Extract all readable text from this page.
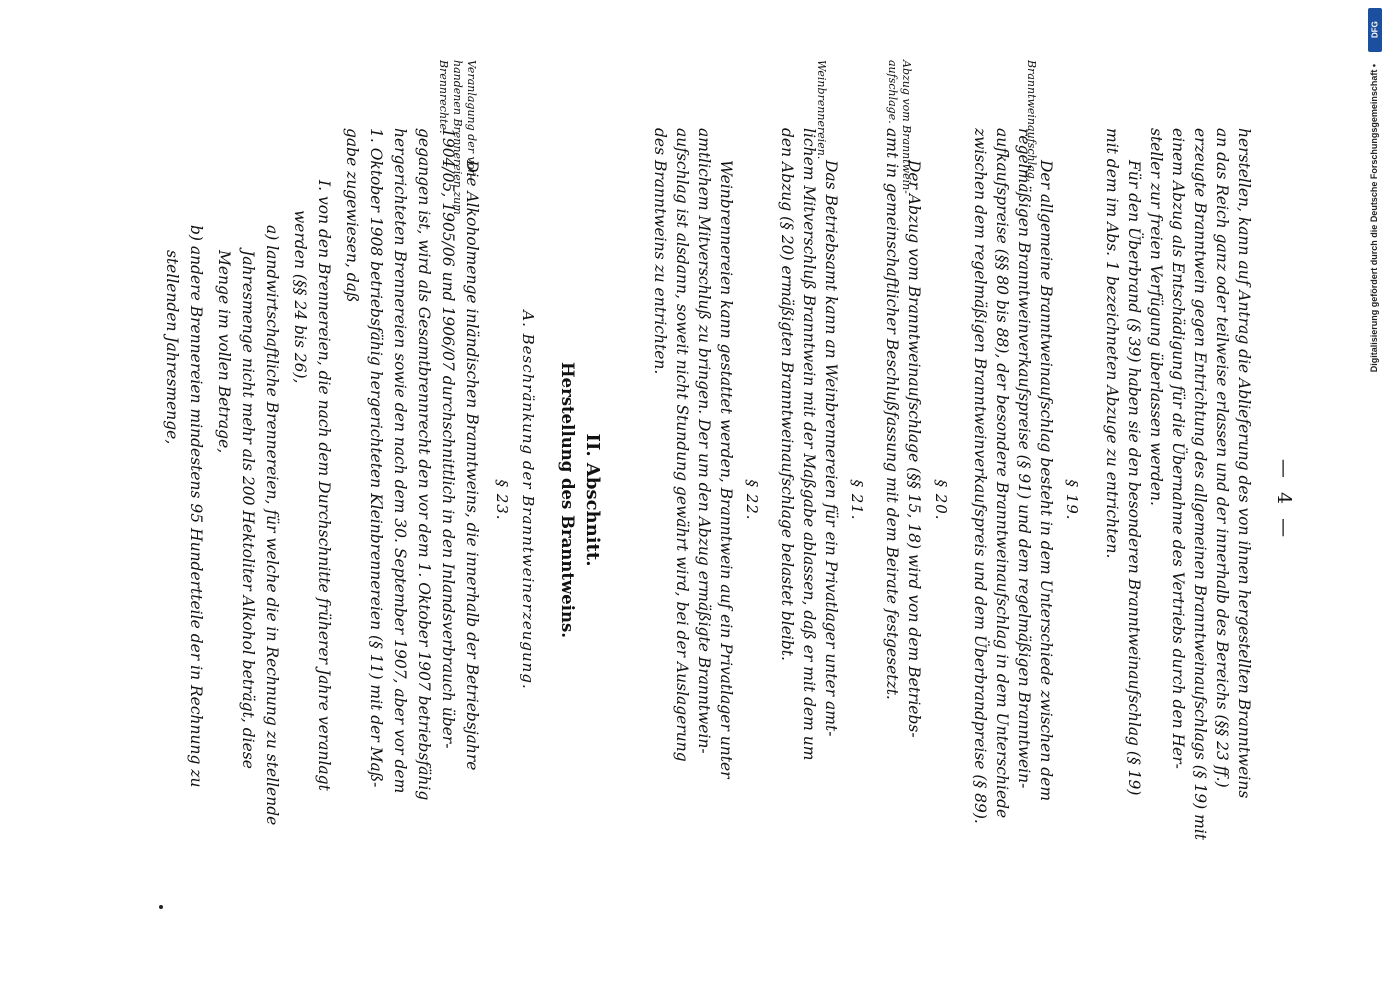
— 4 —
herstellen, kann auf Antrag die Ablieferung des von ihnen hergestellten Branntweins
an das Reich ganz oder teilweise erlassen und der innerhalb des Bereichs (§§ 23 ff.)
erzeugte Branntwein gegen Entrichtung des allgemeinen Branntweinaufschlags (§ 19) mit
einem Abzug als Entschädigung für die Übernahme des Vertriebs durch den Her-
steller zur freien Verfügung überlassen werden.
Für den Überbrand (§ 39) haben sie den besonderen Branntweinaufschlag (§ 19)
mit dem im Abs. 1 bezeichneten Abzuge zu entrichten.
§ 19.
Branntweinaufschlag.
Der allgemeine Branntweinaufschlag besteht in dem Unterschiede zwischen dem
regelmäßigen Branntweinverkaufspreise (§ 91) und dem regelmäßigen Branntwein-
aufkaufspreise (§§ 80 bis 88), der besondere Branntweinaufschlag in dem Unterschiede
zwischen dem regelmäßigen Branntweinverkaufspreis und dem Überbrandpreise (§ 89).
§ 20.
Abzug vom Branntwein-
aufschlage.
Der Abzug vom Branntweinaufschlage (§§ 15, 18) wird von dem Betriebs-
amt in gemeinschaftlicher Beschlußfassung mit dem Beirate festgesetzt.
§ 21.
Weinbrennereien.
Das Betriebsamt kann an Weinbrennereien für ein Privatlager unter amt-
lichem Mitverschluß Branntwein mit der Maßgabe ablassen, daß er mit dem um
den Abzug (§ 20) ermäßigten Branntweinaufschlage belastet bleibt.
§ 22.
Weinbrennereien kann gestattet werden, Branntwein auf ein Privatlager unter
amtlichem Mitverschluß zu bringen. Der um den Abzug ermäßigte Branntwein-
aufschlag ist alsdann, soweit nicht Stundung gewährt wird, bei der Auslagerung
des Branntweins zu entrichten.
II. Abschnitt.
Herstellung des Branntweins.
A. Beschränkung der Branntweinerzeugung.
§ 23.
Veranlagung der vor-
handenen Brennereien zum
Brennrechte.
Die Alkoholmenge inländischen Branntweins, die innerhalb der Betriebsjahre
1904/05, 1905/06 und 1906/07 durchschnittlich in den Inlandsverbrauch über-
gegangen ist, wird als Gesamtbrennrecht den vor dem 1. Oktober 1907 betriebsfähig
hergerichteten Brennereien sowie den nach dem 30. September 1907, aber vor dem
1. Oktober 1908 betriebsfähig hergerichteten Kleinbrennereien (§ 11) mit der Maß-
gabe zugewiesen, daß
I. von den Brennereien, die nach dem Durchschnitte früherer Jahre veranlagt
werden (§§ 24 bis 26),
a) landwirtschaftliche Brennereien, für welche die in Rechnung zu stellende
Jahresmenge nicht mehr als 200 Hektoliter Alkohol beträgt, diese
Menge im vollen Betrage,
b) andere Brennereien mindestens 95 Hundertteile der in Rechnung zu
stellenden Jahresmenge,
DFG
Digitalisierung gefördert durch die Deutsche Forschungsgemeinschaft •
